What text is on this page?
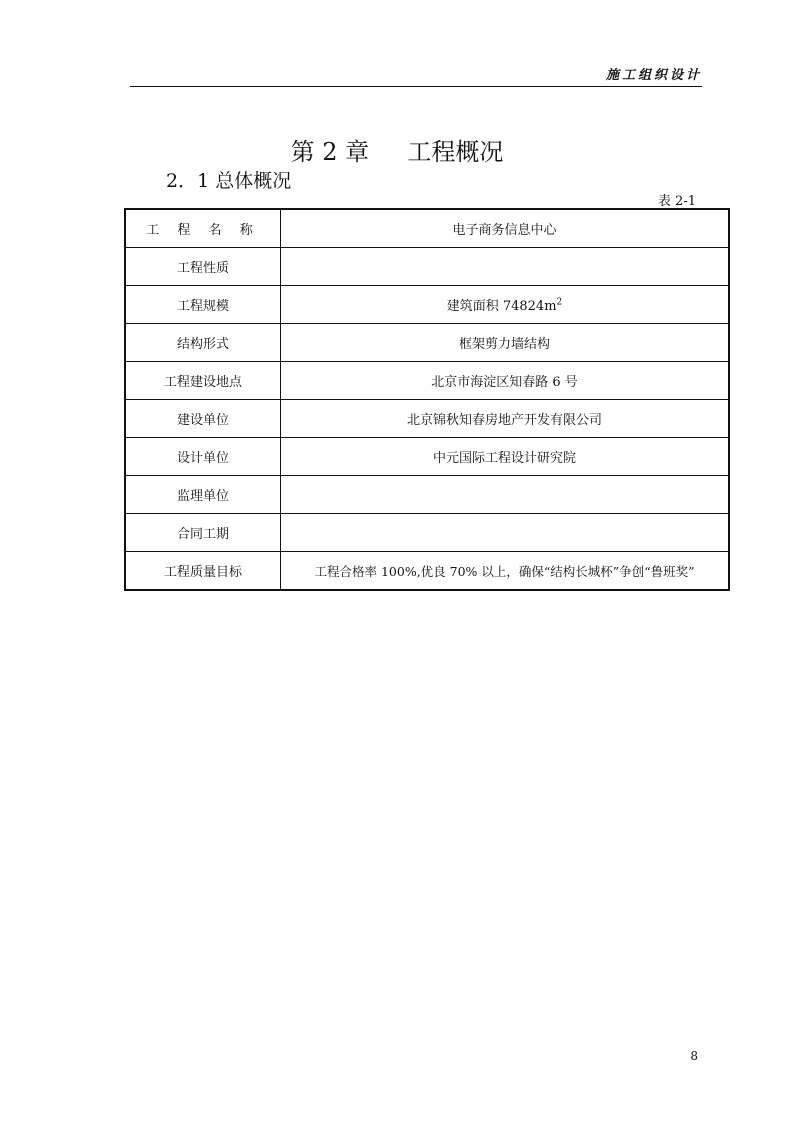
施工组织设计
第 2 章     工程概况
2．1 总体概况
表 2-1
工 程 名 称	电子商务信息中心
工程性质	
工程规模	建筑面积 $74824m^2$
结构形式	框架剪力墙结构
工程建设地点	北京市海淀区知春路 6 号
建设单位	北京锦秋知春房地产开发有限公司
设计单位	中元国际工程设计研究院
监理单位	
合同工期	
工程质量目标	工程合格率 100%,优良 70% 以上，确保“结构长城杯”争创“鲁班奖”
8
